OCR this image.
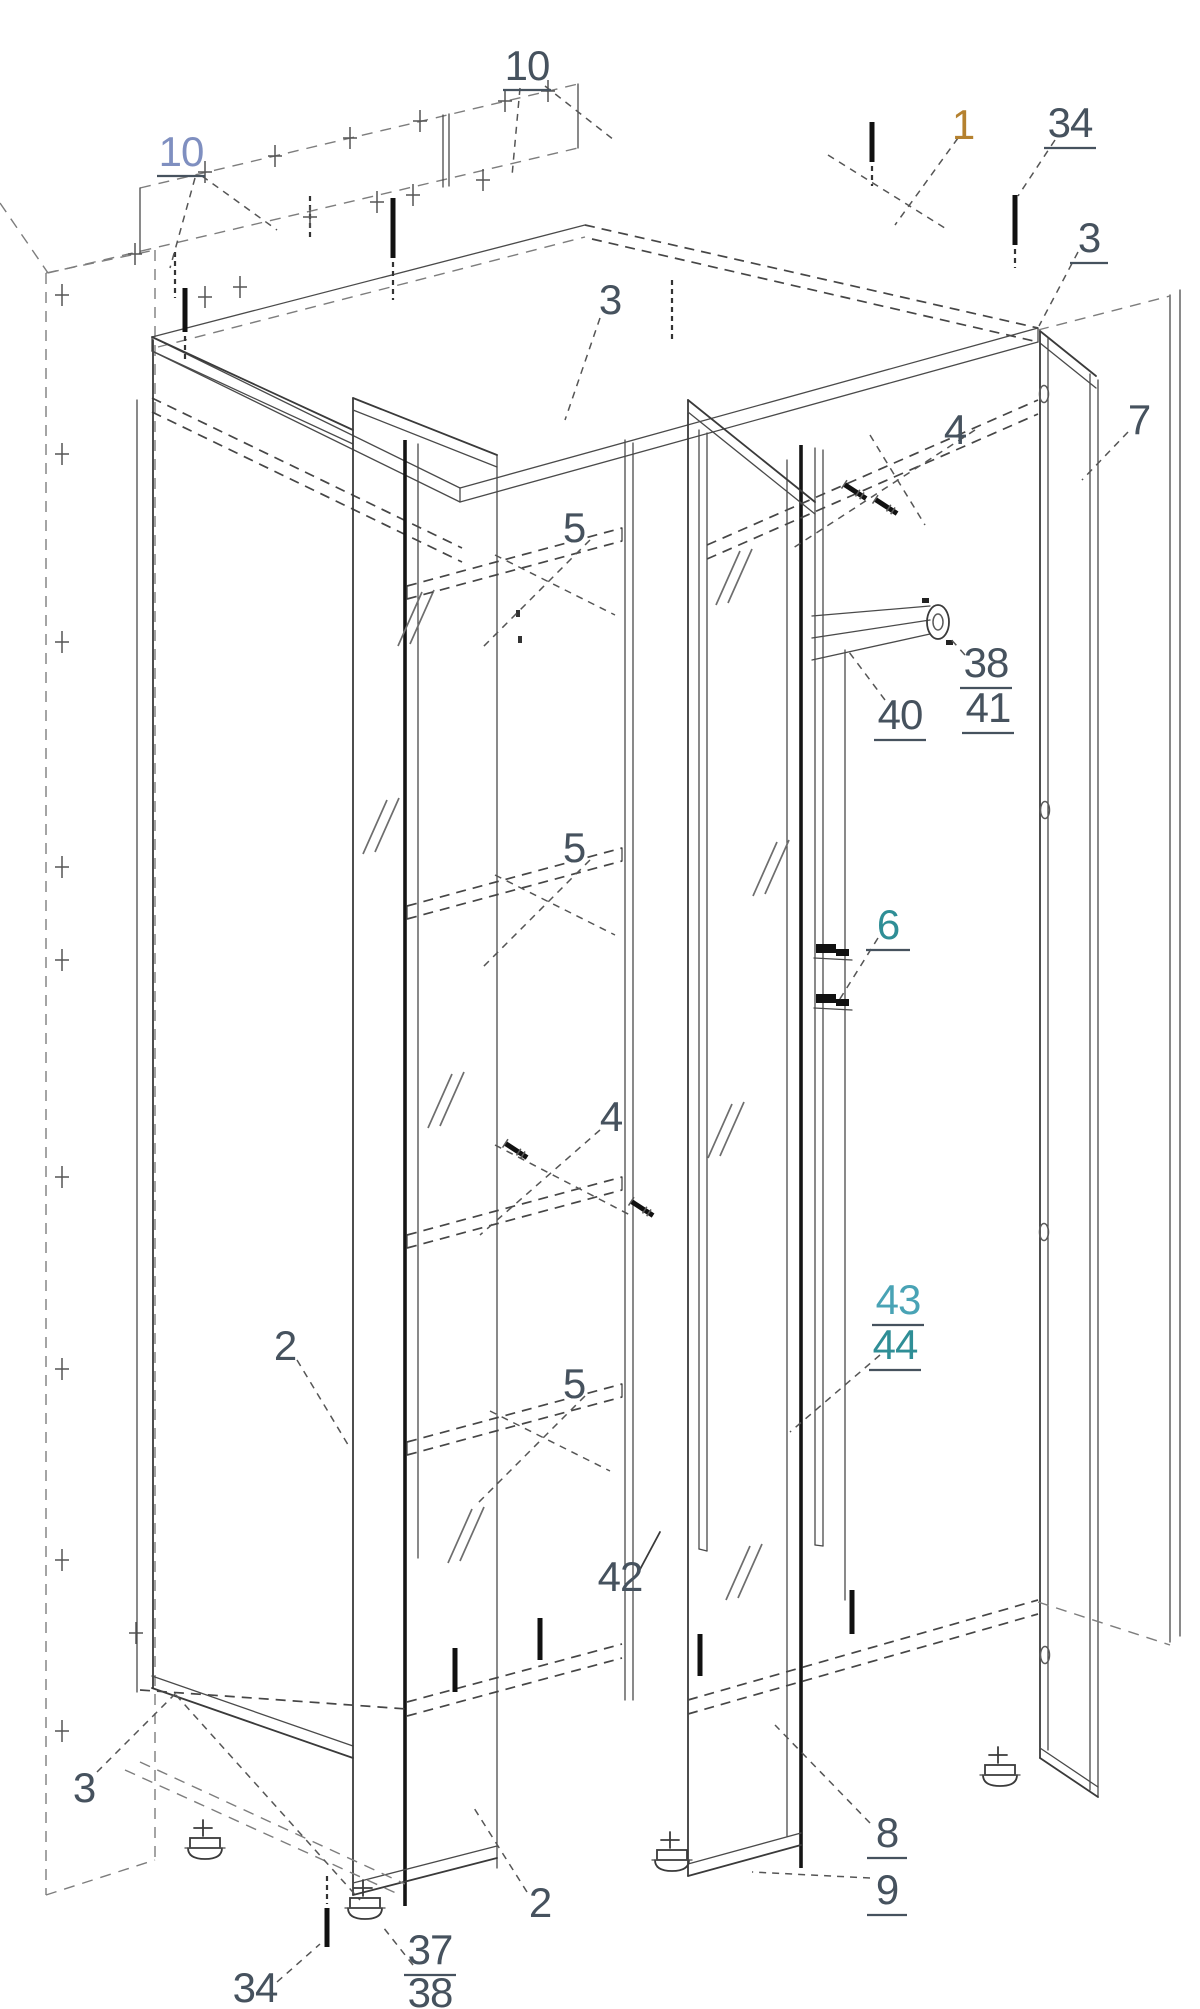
10
10
1 34
3
3
5
5
5
4
4
7
38
41
40
6
43
44
42
2
2
3
34
37
38
8
9
